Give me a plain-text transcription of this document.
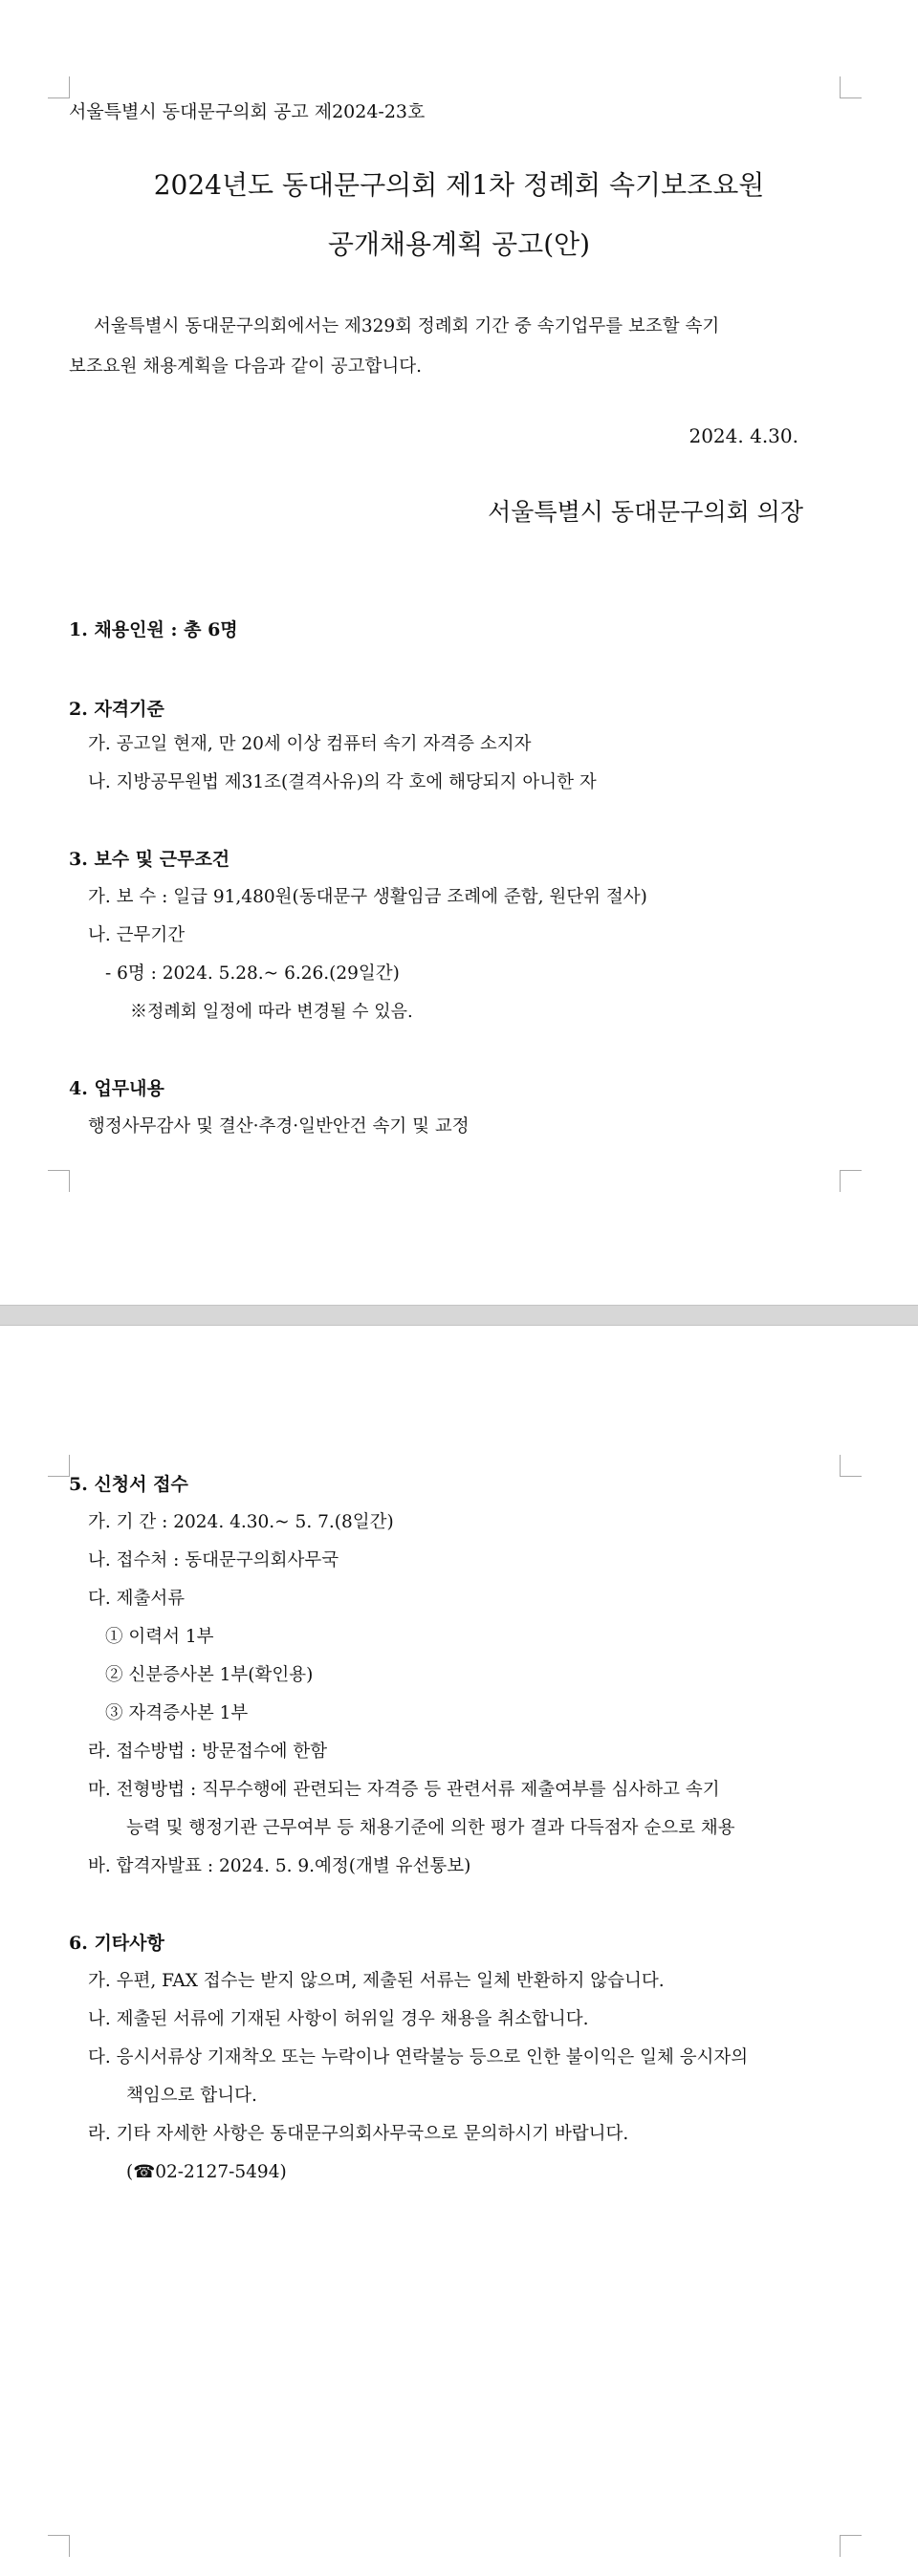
서울특별시 동대문구의회 공고 제2024-23호
2024년도 동대문구의회 제1차 정례회 속기보조요원
공개채용계획 공고(안)
서울특별시 동대문구의회에서는 제329회 정례회 기간 중 속기업무를 보조할 속기
보조요원 채용계획을 다음과 같이 공고합니다.
2024. 4.30.
서울특별시 동대문구의회 의장
1. 채용인원 : 총 6명
2. 자격기준
가. 공고일 현재, 만 20세 이상 컴퓨터 속기 자격증 소지자
나. 지방공무원법 제31조(결격사유)의 각 호에 해당되지 아니한 자
3. 보수 및 근무조건
가. 보 수 : 일급 91,480원(동대문구 생활임금 조례에 준함, 원단위 절사)
나. 근무기간
- 6명 : 2024. 5.28.~ 6.26.(29일간)
※정례회 일정에 따라 변경될 수 있음.
4. 업무내용
행정사무감사 및 결산·추경·일반안건 속기 및 교정
5. 신청서 접수
가. 기 간 : 2024. 4.30.~ 5. 7.(8일간)
나. 접수처 : 동대문구의회사무국
다. 제출서류
① 이력서 1부
② 신분증사본 1부(확인용)
③ 자격증사본 1부
라. 접수방법 : 방문접수에 한함
마. 전형방법 : 직무수행에 관련되는 자격증 등 관련서류 제출여부를 심사하고 속기
능력 및 행정기관 근무여부 등 채용기준에 의한 평가 결과 다득점자 순으로 채용
바. 합격자발표 : 2024. 5. 9.예정(개별 유선통보)
6. 기타사항
가. 우편, FAX 접수는 받지 않으며, 제출된 서류는 일체 반환하지 않습니다.
나. 제출된 서류에 기재된 사항이 허위일 경우 채용을 취소합니다.
다. 응시서류상 기재착오 또는 누락이나 연락불능 등으로 인한 불이익은 일체 응시자의
책임으로 합니다.
라. 기타 자세한 사항은 동대문구의회사무국으로 문의하시기 바랍니다.
(☎02-2127-5494)
